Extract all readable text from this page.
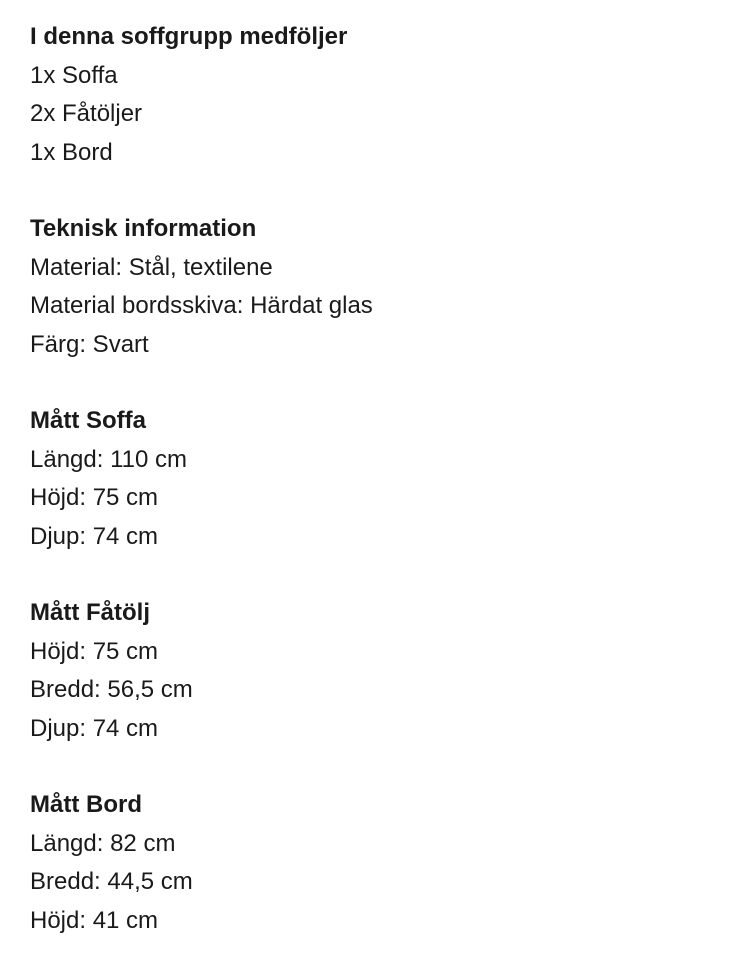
I denna soffgrupp medföljer

1x Soffa

2x Fåtöljer

1x Bord

Teknisk information

Material: Stål, textilene

Material bordsskiva: Härdat glas

Färg: Svart

Mått Soffa

Längd: 110 cm

Höjd: 75 cm

Djup: 74 cm

Mått Fåtölj

Höjd: 75 cm

Bredd: 56,5 cm

Djup: 74 cm

Mått Bord

Längd: 82 cm

Bredd: 44,5 cm

Höjd: 41 cm
